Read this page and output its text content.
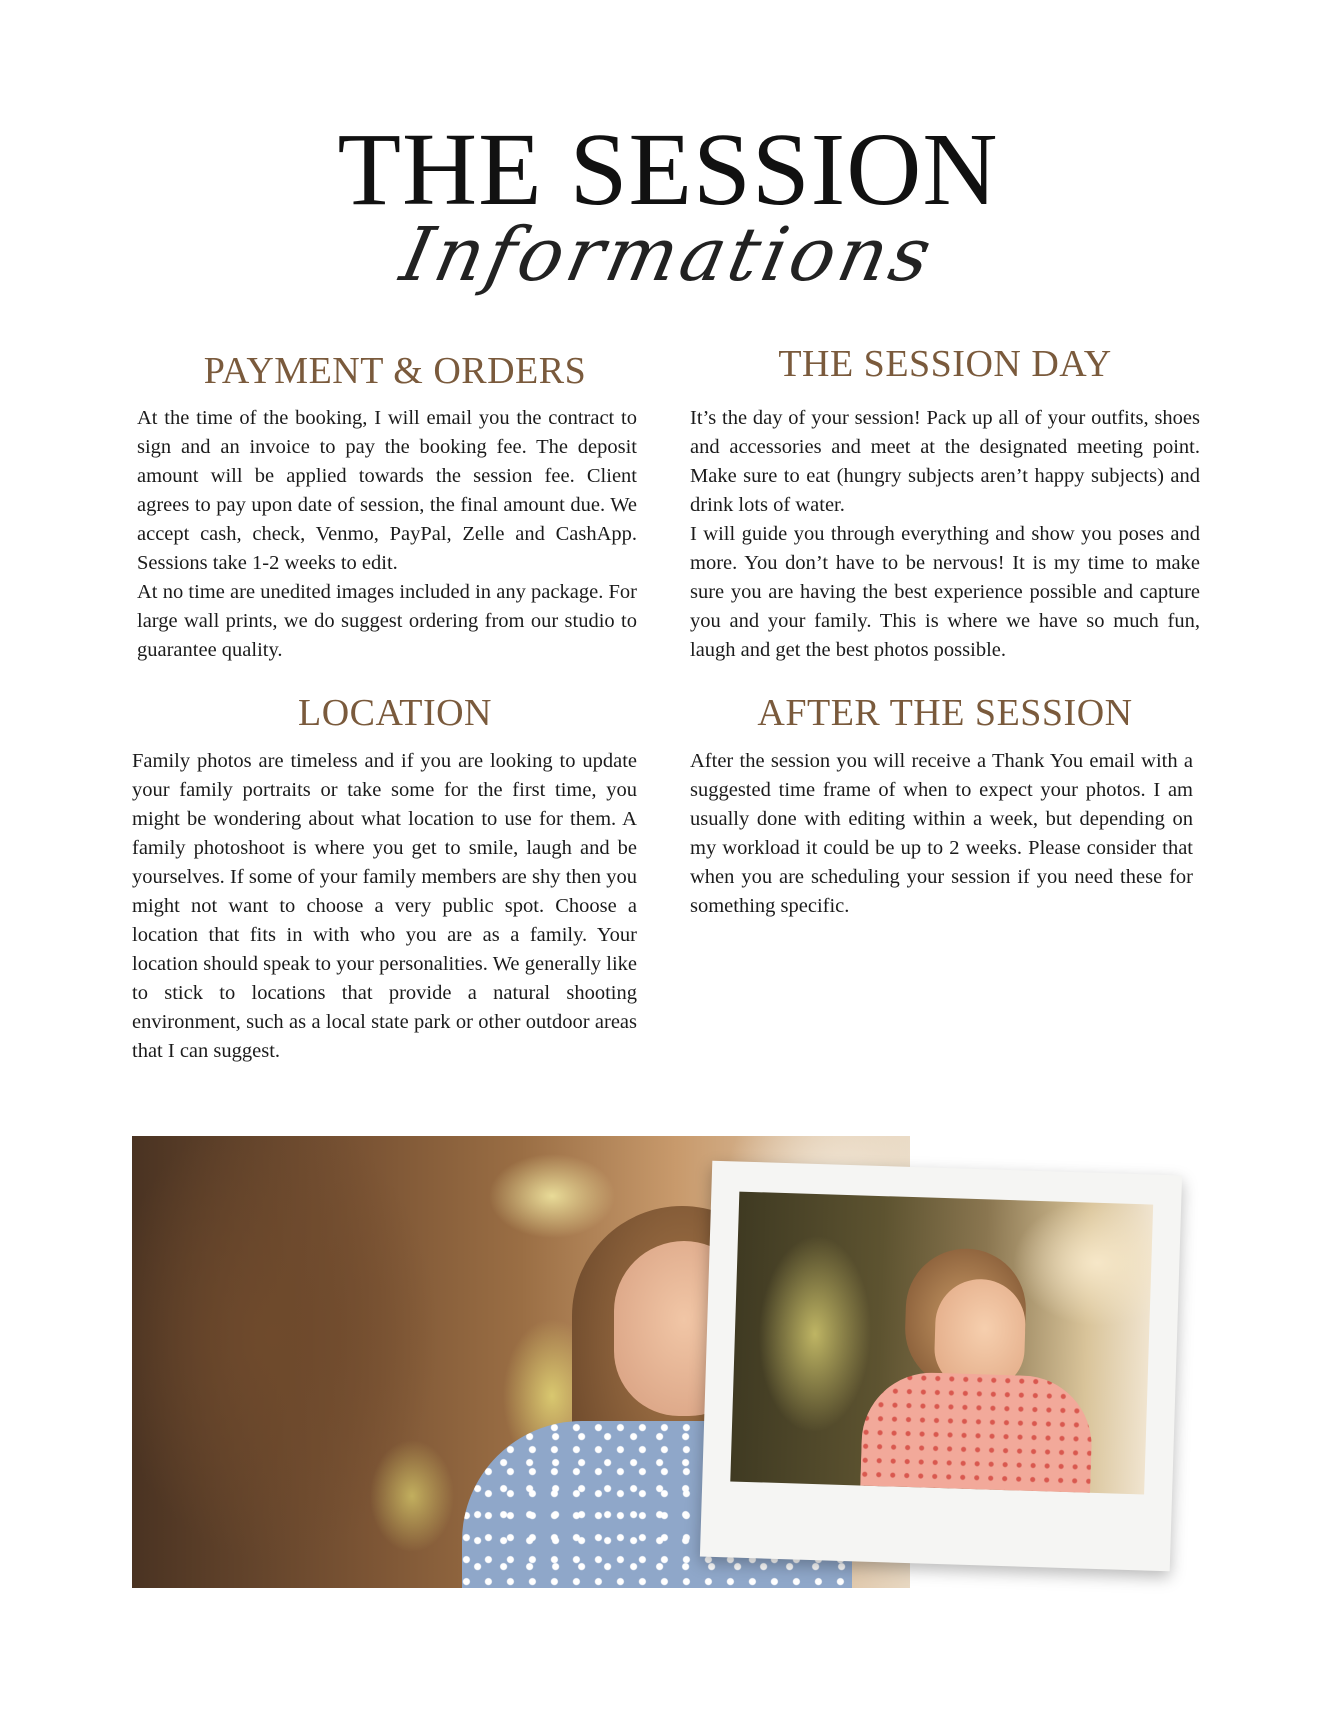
THE SESSION
Informations
PAYMENT & ORDERS

At the time of the booking, I will email you the contract to sign and an invoice to pay the booking fee. The deposit amount will be applied towards the session fee. Client agrees to pay upon date of session, the final amount due. We accept cash, check, Venmo, PayPal, Zelle and CashApp. Sessions take 1-2 weeks to edit.

At no time are unedited images included in any package. For large wall prints, we do suggest ordering from our studio to guarantee quality.

THE SESSION DAY

It’s the day of your session! Pack up all of your outfits, shoes and accessories and meet at the designated meeting point. Make sure to eat (hungry subjects aren’t happy subjects) and drink lots of water.

I will guide you through everything and show you poses and more. You don’t have to be nervous! It is my time to make sure you are having the best experience possible and capture you and your family. This is where we have so much fun, laugh and get the best photos possible.

LOCATION

Family photos are timeless and if you are looking to update your family portraits or take some for the first time, you might be wondering about what location to use for them. A family photoshoot is where you get to smile, laugh and be yourselves. If some of your family members are shy then you might not want to choose a very public spot. Choose a location that fits in with who you are as a family. Your location should speak to your personalities. We generally like to stick to locations that provide a natural shooting environment, such as a local state park or other outdoor areas that I can suggest.

AFTER THE SESSION

After the session you will receive a Thank You email with a suggested time frame of when to expect your photos. I am usually done with editing within a week, but depending on my workload it could be up to 2 weeks. Please consider that when you are scheduling your session if you need these for something specific.
